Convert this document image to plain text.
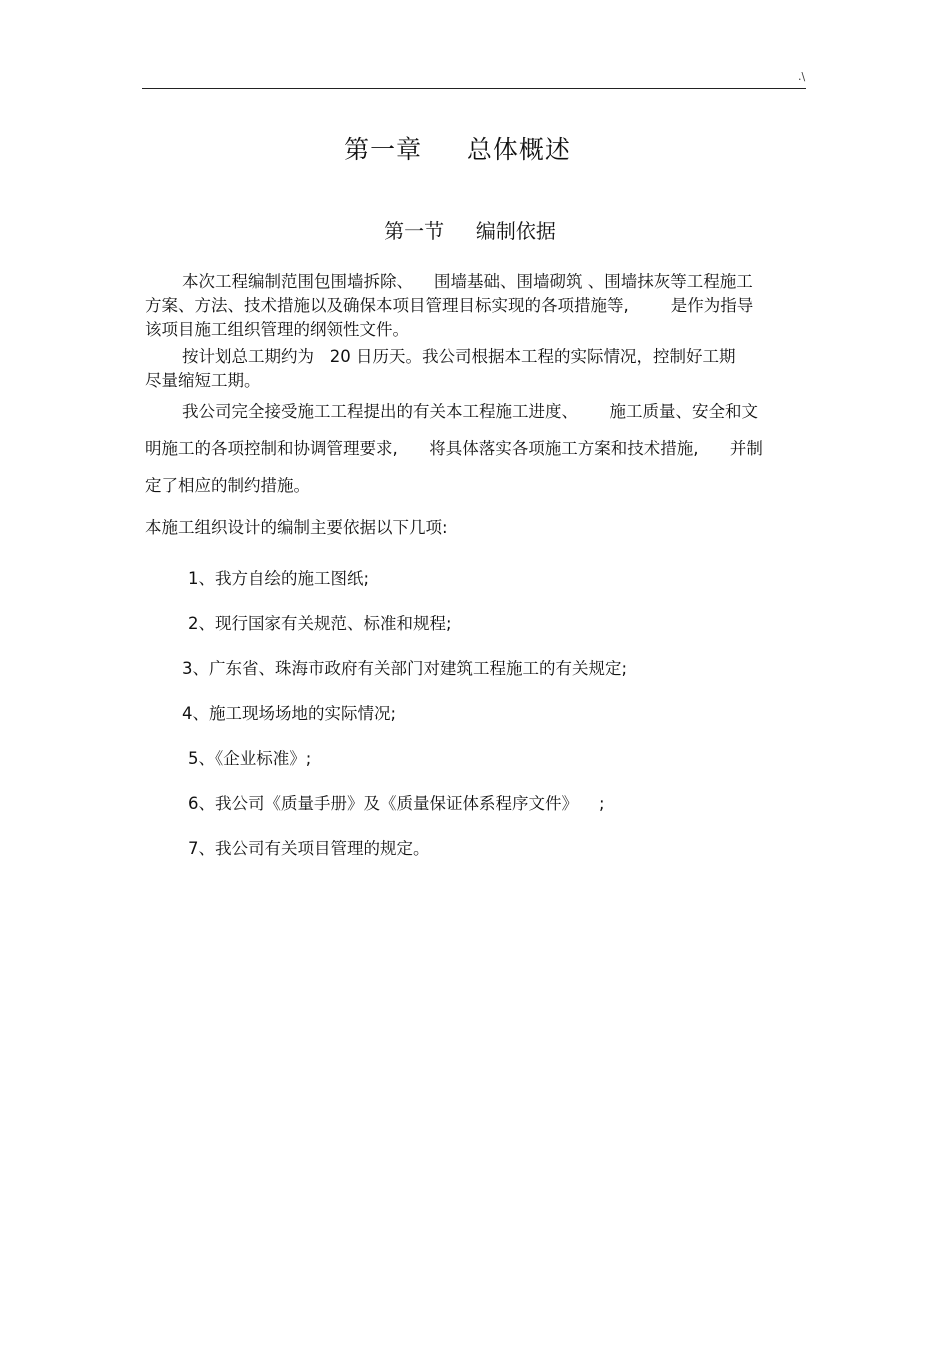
.\
第一章     总体概述
第一节     编制依据
本次工程编制范围包围墙拆除、    围墙基础、围墙砌筑 、围墙抹灰等工程施工
方案、方法、技术措施以及确保本项目管理目标实现的各项措施等,        是作为指导
该项目施工组织管理的纲领性文件。
按计划总工期约为   20 日历天。我公司根据本工程的实际情况，控制好工期
尽量缩短工期。
我公司完全接受施工工程提出的有关本工程施工进度、      施工质量、安全和文
明施工的各项控制和协调管理要求,      将具体落实各项施工方案和技术措施,      并制
定了相应的制约措施。
本施工组织设计的编制主要依据以下几项:
1、我方自绘的施工图纸;
2、现行国家有关规范、标准和规程;
3、广东省、珠海市政府有关部门对建筑工程施工的有关规定;
4、施工现场场地的实际情况;
5、《企业标准》;
6、我公司《质量手册》及《质量保证体系程序文件》    ;
7、我公司有关项目管理的规定。
